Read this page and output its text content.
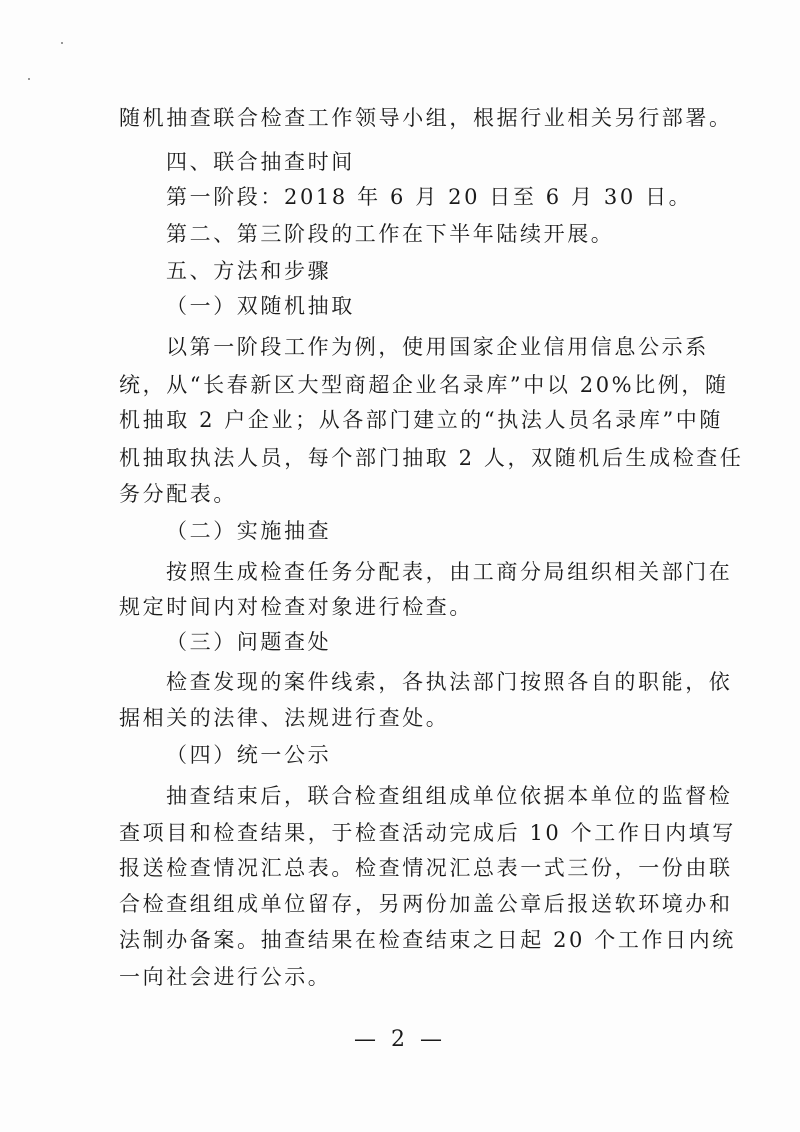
随机抽查联合检查工作领导小组，根据行业相关另行部署。
四、联合抽查时间
第一阶段：2018 年 6 月 20 日至 6 月 30 日。
第二、第三阶段的工作在下半年陆续开展。
五、方法和步骤
（一）双随机抽取
以第一阶段工作为例，使用国家企业信用信息公示系
统，从“长春新区大型商超企业名录库”中以 20%比例，随
机抽取 2 户企业；从各部门建立的“执法人员名录库”中随
机抽取执法人员，每个部门抽取 2 人，双随机后生成检查任
务分配表。
（二）实施抽查
按照生成检查任务分配表，由工商分局组织相关部门在
规定时间内对检查对象进行检查。
（三）问题查处
检查发现的案件线索，各执法部门按照各自的职能，依
据相关的法律、法规进行查处。
（四）统一公示
抽查结束后，联合检查组组成单位依据本单位的监督检
查项目和检查结果，于检查活动完成后 10 个工作日内填写
报送检查情况汇总表。检查情况汇总表一式三份，一份由联
合检查组组成单位留存，另两份加盖公章后报送软环境办和
法制办备案。抽查结果在检查结束之日起 20 个工作日内统
一向社会进行公示。
— 2 —
